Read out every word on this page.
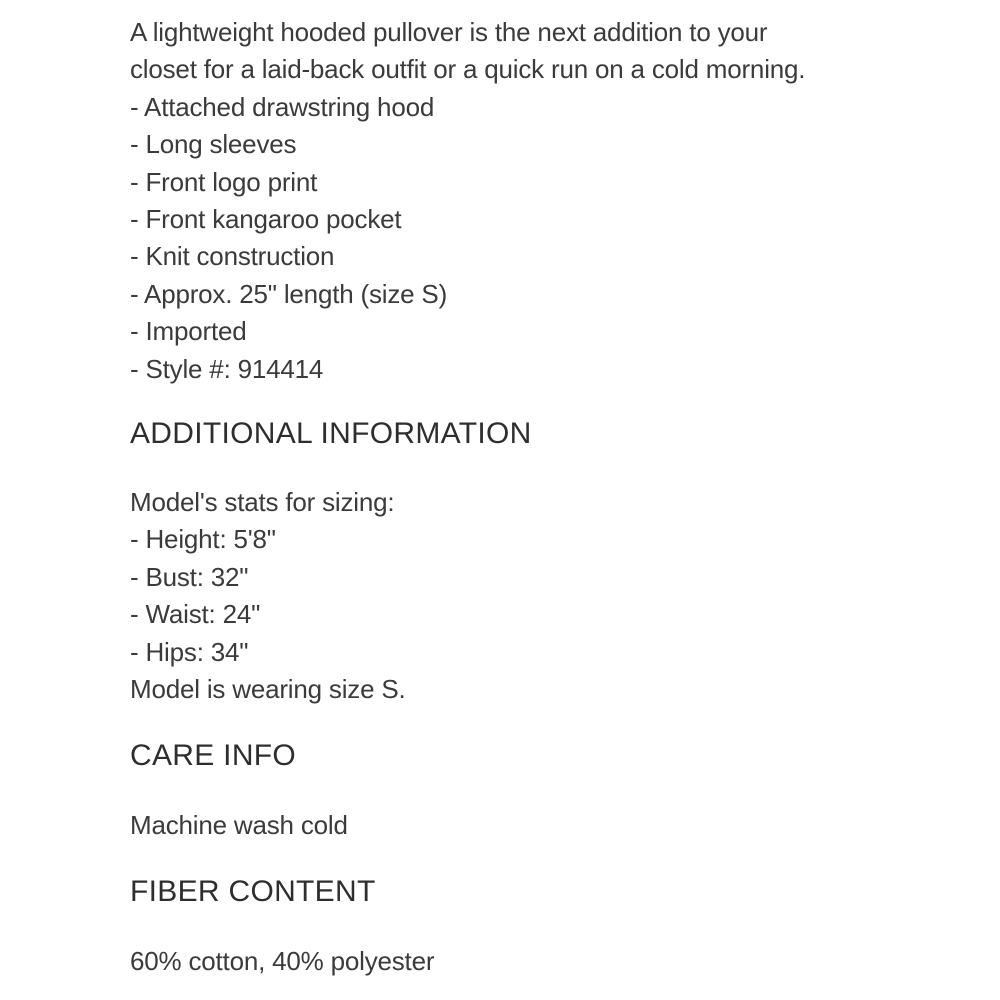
A lightweight hooded pullover is the next addition to your
closet for a laid-back outfit or a quick run on a cold morning.
- Attached drawstring hood
- Long sleeves
- Front logo print
- Front kangaroo pocket
- Knit construction
- Approx. 25" length (size S)
- Imported
- Style #: 914414
ADDITIONAL INFORMATION
Model's stats for sizing:
- Height: 5'8"
- Bust: 32"
- Waist: 24"
- Hips: 34"
Model is wearing size S.
CARE INFO
Machine wash cold
FIBER CONTENT
60% cotton, 40% polyester
